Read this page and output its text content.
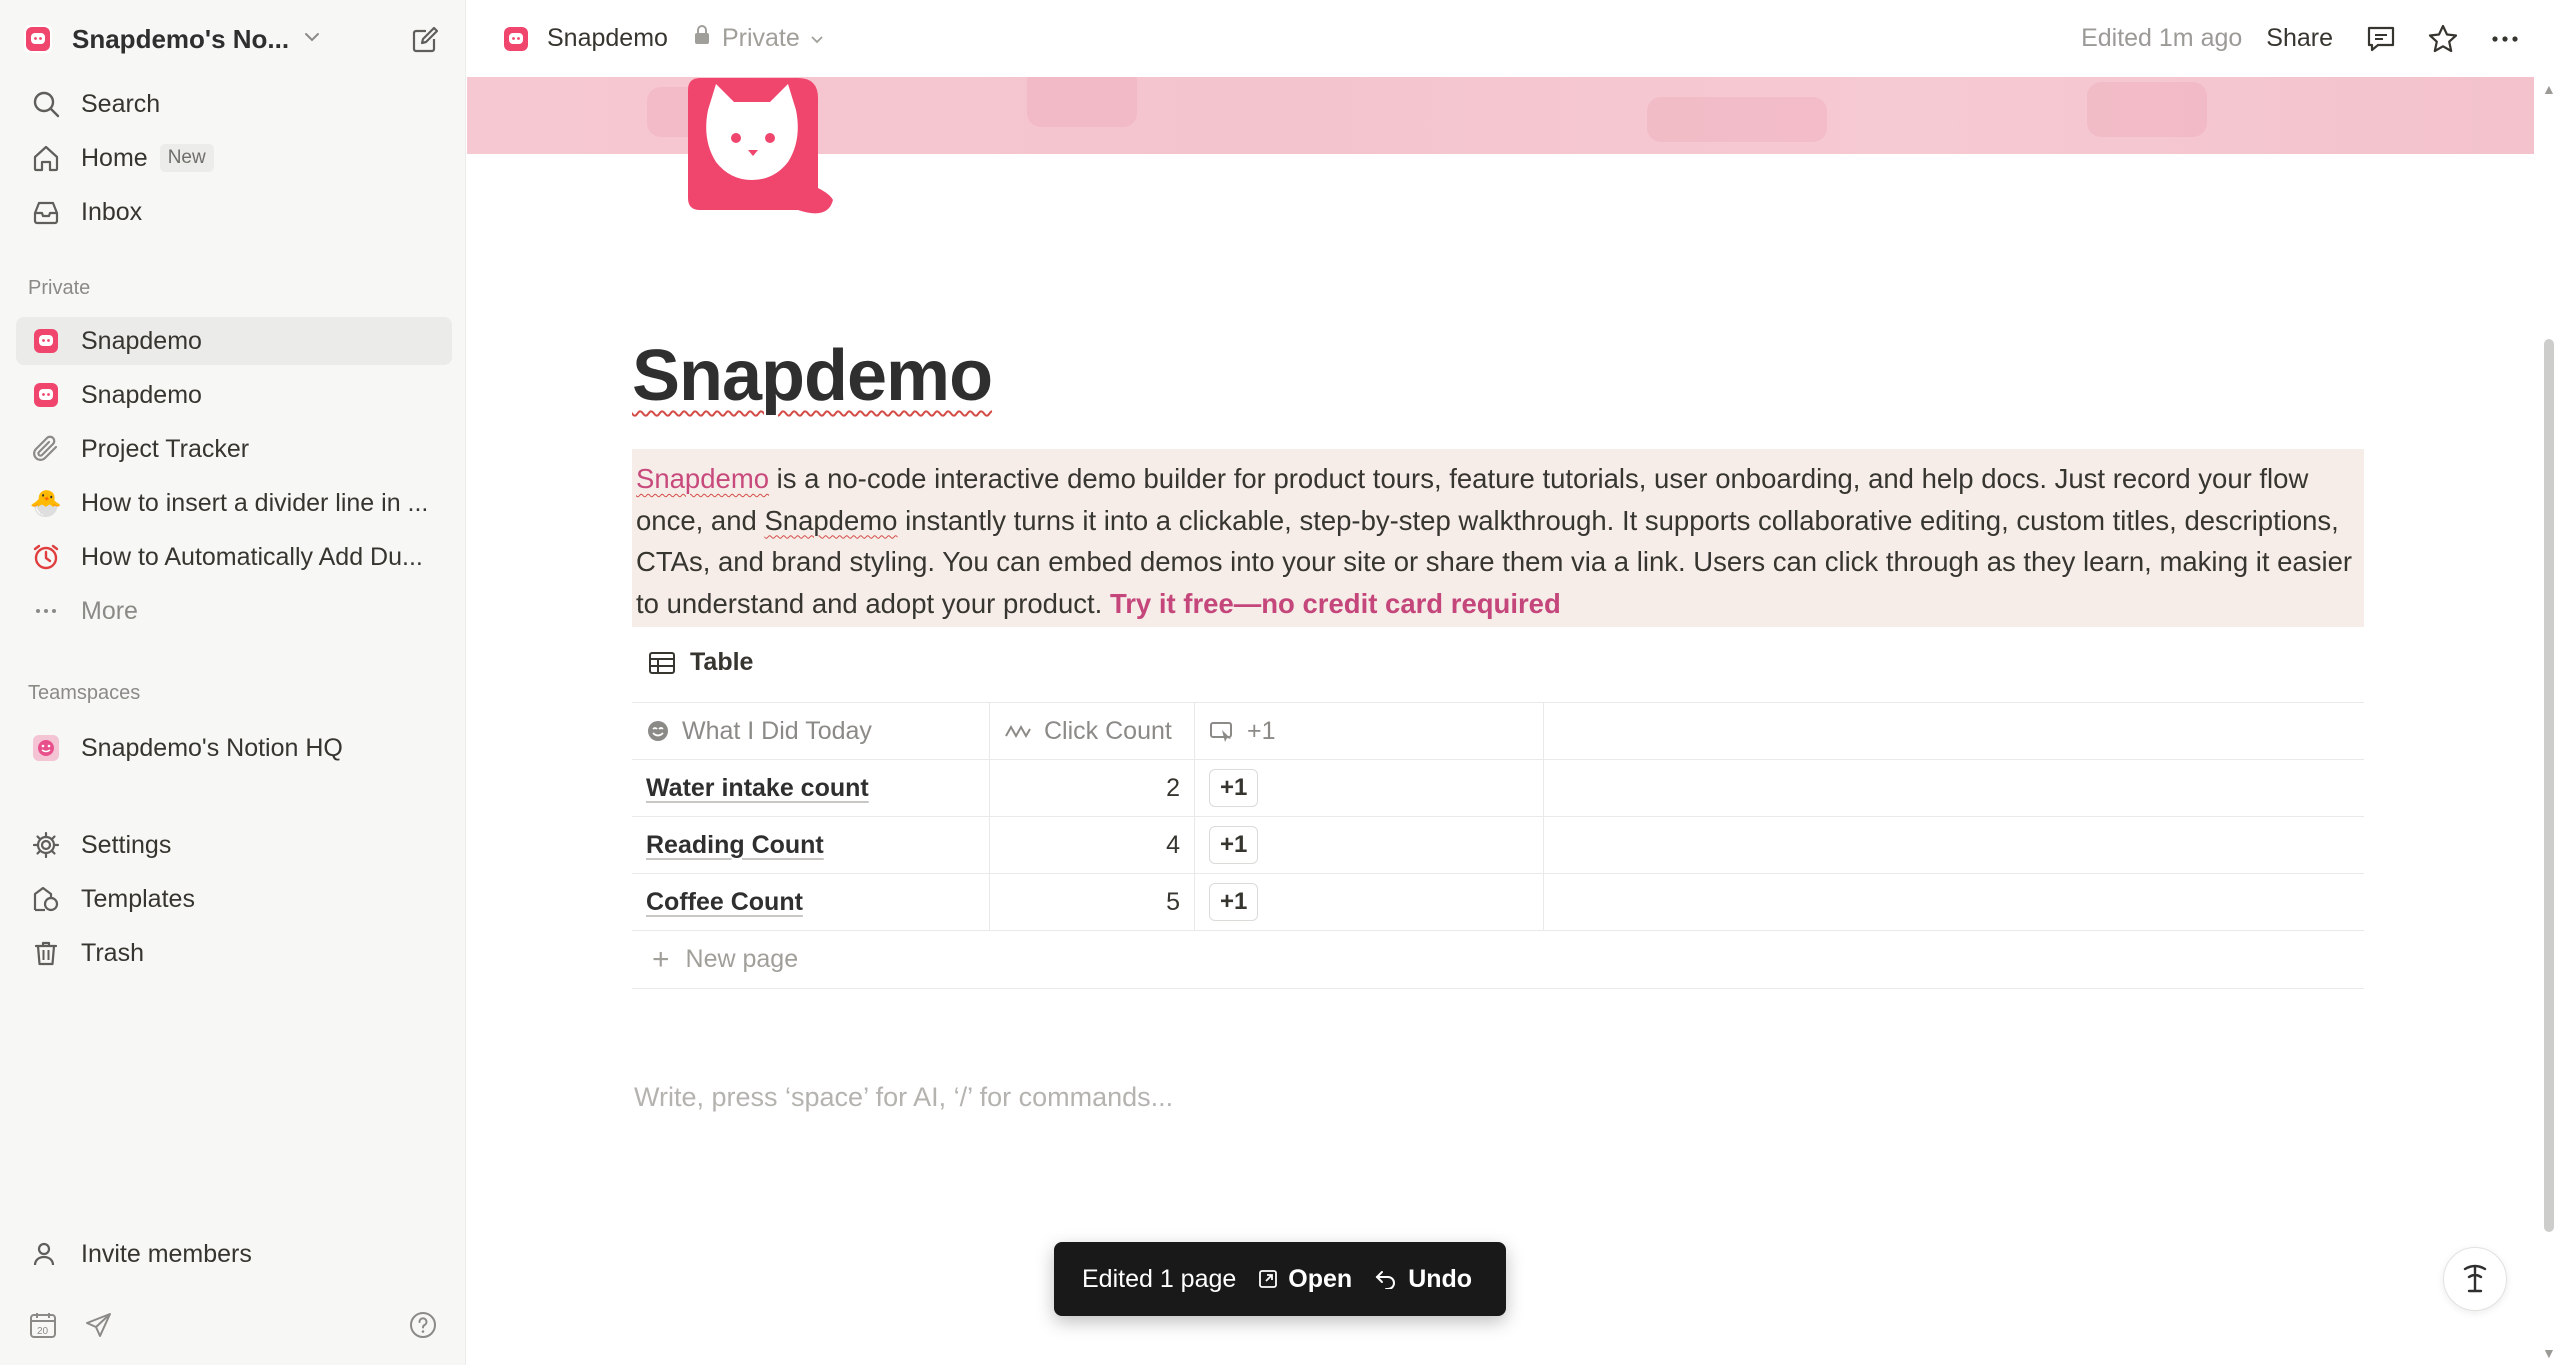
Snapdemo's No...
Search
Home	New
Inbox
Private
Snapdemo
Snapdemo
Project Tracker
🐣 How to insert a divider line in ...
How to Automatically Add Du...
More
Teamspaces
Snapdemo's Notion HQ
Settings
Templates
Trash
Invite members
20
Snapdemo Private	Edited 1m ago Share
Snapdemo
Snapdemo is a no-code interactive demo builder for product tours, feature tutorials, user onboarding, and help docs. Just record your flow once, and Snapdemo instantly turns it into a clickable, step-by-step walkthrough. It supports collaborative editing, custom titles, descriptions, CTAs, and brand styling. You can embed demos into your site or share them via a link. Users can click through as they learn, making it easier to understand and adopt your product. Try it free—no credit card required
Table
What I Did Today	Click Count	+1
Water intake count	2	+1
Reading Count	4	+1
Coffee Count	5	+1
+ New page
Write, press ‘space’ for AI, ‘/’ for commands...
Edited 1 page Open Undo
▲
▼
